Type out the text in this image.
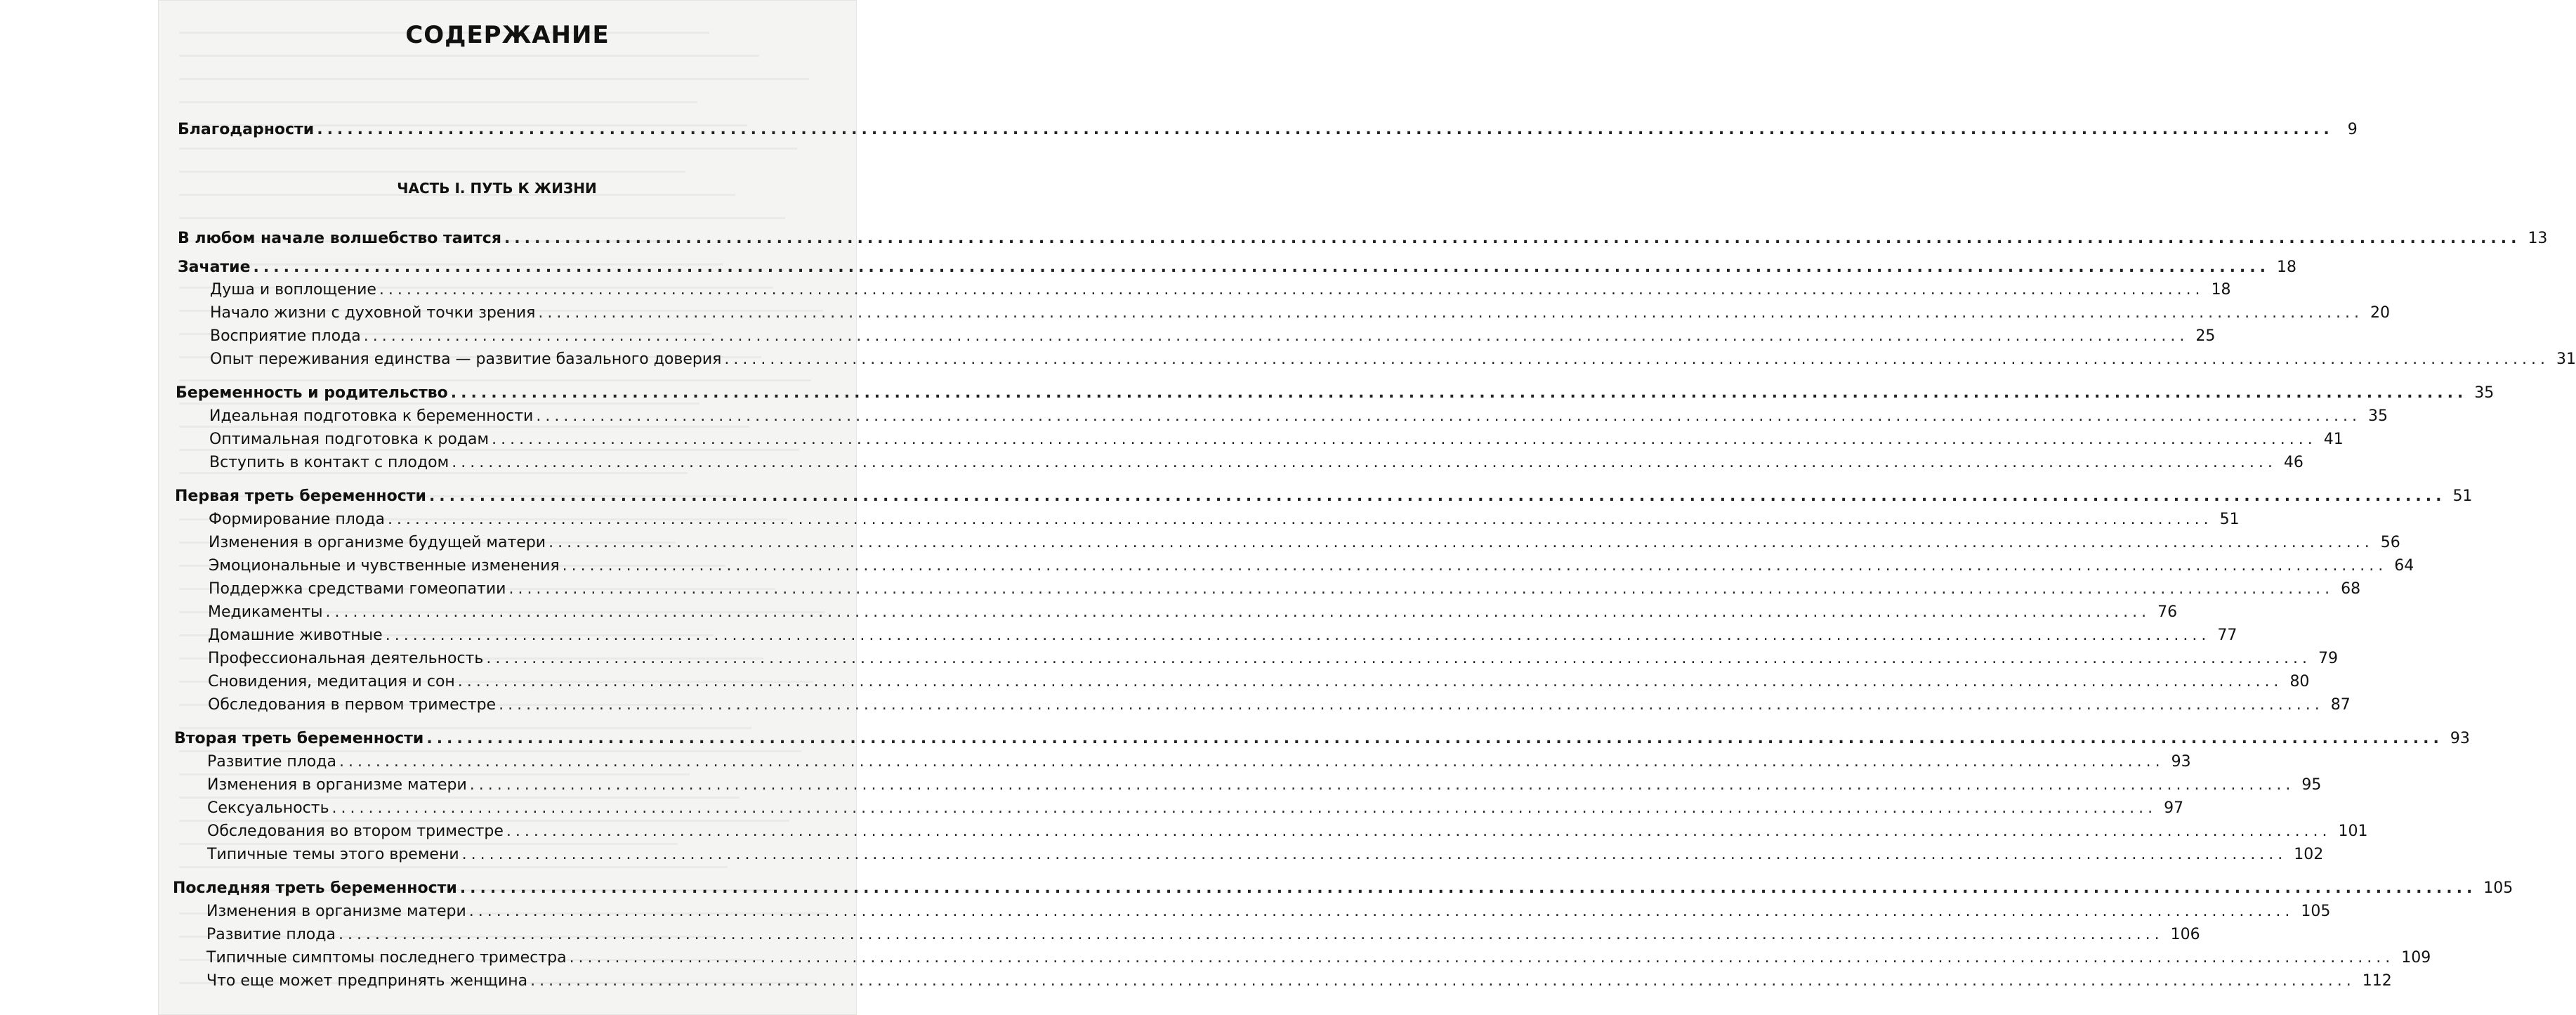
СОДЕРЖАНИЕ
ЧАСТЬ I. ПУТЬ К ЖИЗНИ
Благодарности ........................................................................................................................................................................................................ 9
В любом начале волшебство таится ........................................................................................................................................................................................................ 13
Зачатие ........................................................................................................................................................................................................ 18
Душа и воплощение ........................................................................................................................................................................................................ 18
Начало жизни с духовной точки зрения ........................................................................................................................................................................................................ 20
Восприятие плода ........................................................................................................................................................................................................ 25
Опыт переживания единства — развитие базального доверия ........................................................................................................................................................................................................ 31
Беременность и родительство ........................................................................................................................................................................................................ 35
Идеальная подготовка к беременности ........................................................................................................................................................................................................ 35
Оптимальная подготовка к родам ........................................................................................................................................................................................................ 41
Вступить в контакт с плодом ........................................................................................................................................................................................................ 46
Первая треть беременности ........................................................................................................................................................................................................ 51
Формирование плода ........................................................................................................................................................................................................ 51
Изменения в организме будущей матери ........................................................................................................................................................................................................ 56
Эмоциональные и чувственные изменения ........................................................................................................................................................................................................ 64
Поддержка средствами гомеопатии ........................................................................................................................................................................................................ 68
Медикаменты ........................................................................................................................................................................................................ 76
Домашние животные ........................................................................................................................................................................................................ 77
Профессиональная деятельность ........................................................................................................................................................................................................ 79
Сновидения, медитация и сон ........................................................................................................................................................................................................ 80
Обследования в первом триместре ........................................................................................................................................................................................................ 87
Вторая треть беременности ........................................................................................................................................................................................................ 93
Развитие плода ........................................................................................................................................................................................................ 93
Изменения в организме матери ........................................................................................................................................................................................................ 95
Сексуальность ........................................................................................................................................................................................................ 97
Обследования во втором триместре ........................................................................................................................................................................................................ 101
Типичные темы этого времени ........................................................................................................................................................................................................ 102
Последняя треть беременности ........................................................................................................................................................................................................ 105
Изменения в организме матери ........................................................................................................................................................................................................ 105
Развитие плода ........................................................................................................................................................................................................ 106
Типичные симптомы последнего триместра ........................................................................................................................................................................................................ 109
Что еще может предпринять женщина ........................................................................................................................................................................................................ 112
